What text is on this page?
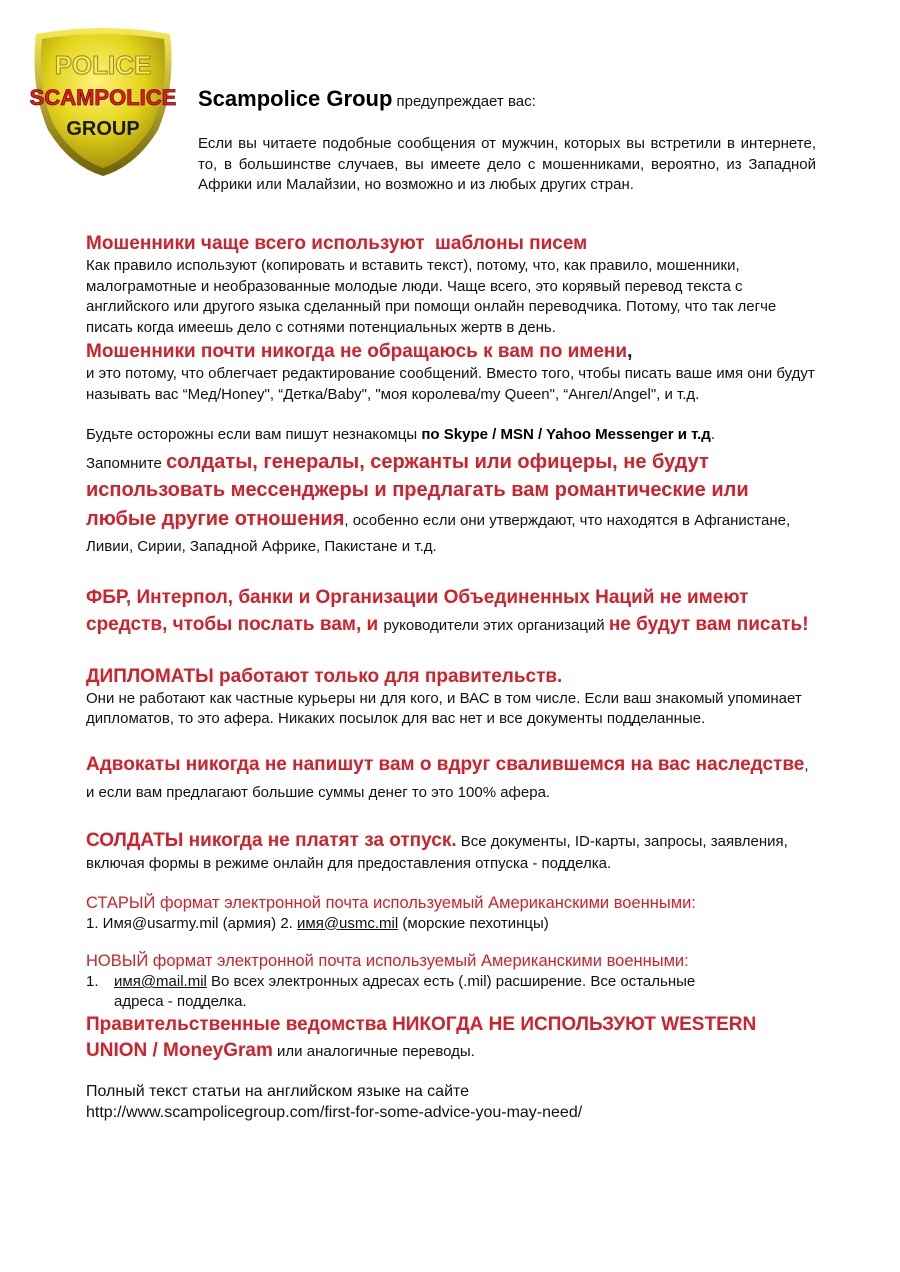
POLICE
SCAMPOLICE
GROUP
Scampolice Group предупреждает вас:
Если вы читаете подобные сообщения от мужчин, которых вы встретили в интернете, то, в большинстве случаев, вы имеете дело с мошенниками, вероятно, из Западной Африки или Малайзии, но возможно и из любых других стран.
Мошенники чаще всего используют  шаблоны писем
Как правило используют (копировать и вставить текст), потому, что, как правило, мошенники, малограмотные и необразованные молодые люди. Чаще всего, это корявый перевод текста с английского или другого языка сделанный при помощи онлайн переводчика. Потому, что так легче писать когда имеешь дело с сотнями потенциальных жертв в день.
Мошенники почти никогда не обращаюсь к вам по имени,
и это потому, что облегчает редактирование сообщений. Вместо того, чтобы писать ваше имя они будут называть вас “Мед/Honey", “Детка/Baby", "моя королева/my Queen", “Ангел/Angel", и т.д.
Будьте осторожны если вам пишут незнакомцы по Skype / MSN / Yahoo Messenger и т.д.
Запомните солдаты, генералы, сержанты или офицеры, не будут использовать мессенджеры и предлагать вам романтические или любые другие отношения, особенно если они утверждают, что находятся в Афганистане, Ливии, Сирии, Западной Африке, Пакистане и т.д.
ФБР, Интерпол, банки и Организации Объединенных Наций не имеют средств, чтобы послать вам, и руководители этих организаций не будут вам писать!
ДИПЛОМАТЫ работают только для правительств.
Они не работают как частные курьеры ни для кого, и ВАС в том числе. Если ваш знакомый упоминает дипломатов, то это афера. Никаких посылок для вас нет и все документы подделанные.
Адвокаты никогда не напишут вам о вдруг свалившемся на вас наследстве, и если вам предлагают большие суммы денег то это 100% афера.
СОЛДАТЫ никогда не платят за отпуск. Все документы, ID-карты, запросы, заявления, включая формы в режиме онлайн для предоставления отпуска - подделка.
СТАРЫЙ формат электронной почта используемый Американскими военными:
1. Имя@usarmy.mil (армия) 2. имя@usmc.mil (морские пехотинцы)
НОВЫЙ формат электронной почта используемый Американскими военными:
1. имя@mail.mil Во всех электронных адресах есть (.mil) расширение. Все остальные
адреса - подделка.
Правительственные ведомства НИКОГДА НЕ ИСПОЛЬЗУЮТ WESTERN UNION / MoneyGram или аналогичные переводы.
Полный текст статьи на английском языке на сайте
http://www.scampolicegroup.com/first-for-some-advice-you-may-need/
